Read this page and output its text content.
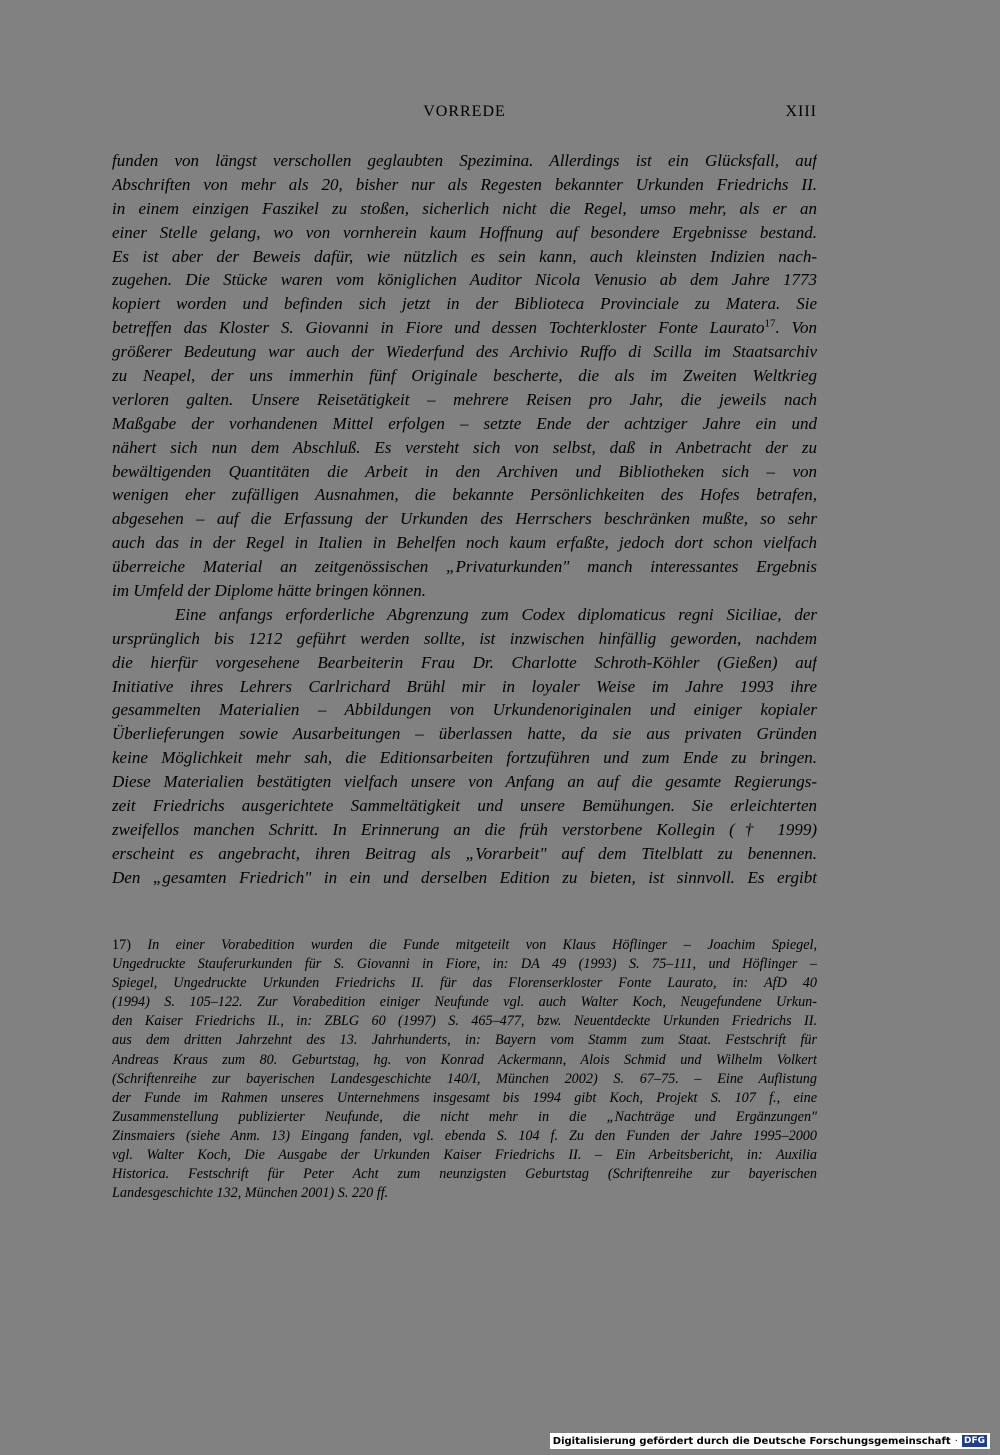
VORREDE	XIII
funden von längst verschollen geglaubten Spezimina. Allerdings ist ein Glücksfall, auf
Abschriften von mehr als 20, bisher nur als Regesten bekannter Urkunden Friedrichs II.
in einem einzigen Faszikel zu stoßen, sicherlich nicht die Regel, umso mehr, als er an
einer Stelle gelang, wo von vornherein kaum Hoffnung auf besondere Ergebnisse bestand.
Es ist aber der Beweis dafür, wie nützlich es sein kann, auch kleinsten Indizien nach-
zugehen. Die Stücke waren vom königlichen Auditor Nicola Venusio ab dem Jahre 1773
kopiert worden und befinden sich jetzt in der Biblioteca Provinciale zu Matera. Sie
betreffen das Kloster S. Giovanni in Fiore und dessen Tochterkloster Fonte Laurato$^{17}$. Von
größerer Bedeutung war auch der Wiederfund des Archivio Ruffo di Scilla im Staatsarchiv
zu Neapel, der uns immerhin fünf Originale bescherte, die als im Zweiten Weltkrieg
verloren galten. Unsere Reisetätigkeit – mehrere Reisen pro Jahr, die jeweils nach
Maßgabe der vorhandenen Mittel erfolgen – setzte Ende der achtziger Jahre ein und
nähert sich nun dem Abschluß. Es versteht sich von selbst, daß in Anbetracht der zu
bewältigenden Quantitäten die Arbeit in den Archiven und Bibliotheken sich – von
wenigen eher zufälligen Ausnahmen, die bekannte Persönlichkeiten des Hofes betrafen,
abgesehen – auf die Erfassung der Urkunden des Herrschers beschränken mußte, so sehr
auch das in der Regel in Italien in Behelfen noch kaum erfaßte, jedoch dort schon vielfach
überreiche Material an zeitgenössischen „Privaturkunden" manch interessantes Ergebnis
im Umfeld der Diplome hätte bringen können.
Eine anfangs erforderliche Abgrenzung zum Codex diplomaticus regni Siciliae, der
ursprünglich bis 1212 geführt werden sollte, ist inzwischen hinfällig geworden, nachdem
die hierfür vorgesehene Bearbeiterin Frau Dr. Charlotte Schroth-Köhler (Gießen) auf
Initiative ihres Lehrers Carlrichard Brühl mir in loyaler Weise im Jahre 1993 ihre
gesammelten Materialien – Abbildungen von Urkundenoriginalen und einiger kopialer
Überlieferungen sowie Ausarbeitungen – überlassen hatte, da sie aus privaten Gründen
keine Möglichkeit mehr sah, die Editionsarbeiten fortzuführen und zum Ende zu bringen.
Diese Materialien bestätigten vielfach unsere von Anfang an auf die gesamte Regierungs-
zeit Friedrichs ausgerichtete Sammeltätigkeit und unsere Bemühungen. Sie erleichterten
zweifellos manchen Schritt. In Erinnerung an die früh verstorbene Kollegin († 1999)
erscheint es angebracht, ihren Beitrag als „Vorarbeit" auf dem Titelblatt zu benennen.
Den „gesamten Friedrich" in ein und derselben Edition zu bieten, ist sinnvoll. Es ergibt
17) In einer Vorabedition wurden die Funde mitgeteilt von Klaus Höflinger – Joachim Spiegel,
Ungedruckte Stauferurkunden für S. Giovanni in Fiore, in: DA 49 (1993) S. 75–111, und Höflinger –
Spiegel, Ungedruckte Urkunden Friedrichs II. für das Florenserkloster Fonte Laurato, in: AfD 40
(1994) S. 105–122. Zur Vorabedition einiger Neufunde vgl. auch Walter Koch, Neugefundene Urkun-
den Kaiser Friedrichs II., in: ZBLG 60 (1997) S. 465–477, bzw. Neuentdeckte Urkunden Friedrichs II.
aus dem dritten Jahrzehnt des 13. Jahrhunderts, in: Bayern vom Stamm zum Staat. Festschrift für
Andreas Kraus zum 80. Geburtstag, hg. von Konrad Ackermann, Alois Schmid und Wilhelm Volkert
(Schriftenreihe zur bayerischen Landesgeschichte 140/I, München 2002) S. 67–75. – Eine Auflistung
der Funde im Rahmen unseres Unternehmens insgesamt bis 1994 gibt Koch, Projekt S. 107 f., eine
Zusammenstellung publizierter Neufunde, die nicht mehr in die „Nachträge und Ergänzungen"
Zinsmaiers (siehe Anm. 13) Eingang fanden, vgl. ebenda S. 104 f. Zu den Funden der Jahre 1995–2000
vgl. Walter Koch, Die Ausgabe der Urkunden Kaiser Friedrichs II. – Ein Arbeitsbericht, in: Auxilia
Historica. Festschrift für Peter Acht zum neunzigsten Geburtstag (Schriftenreihe zur bayerischen
Landesgeschichte 132, München 2001) S. 220 ff.
Digitalisierung gefördert durch die Deutsche Forschungsgemeinschaft · DFG
